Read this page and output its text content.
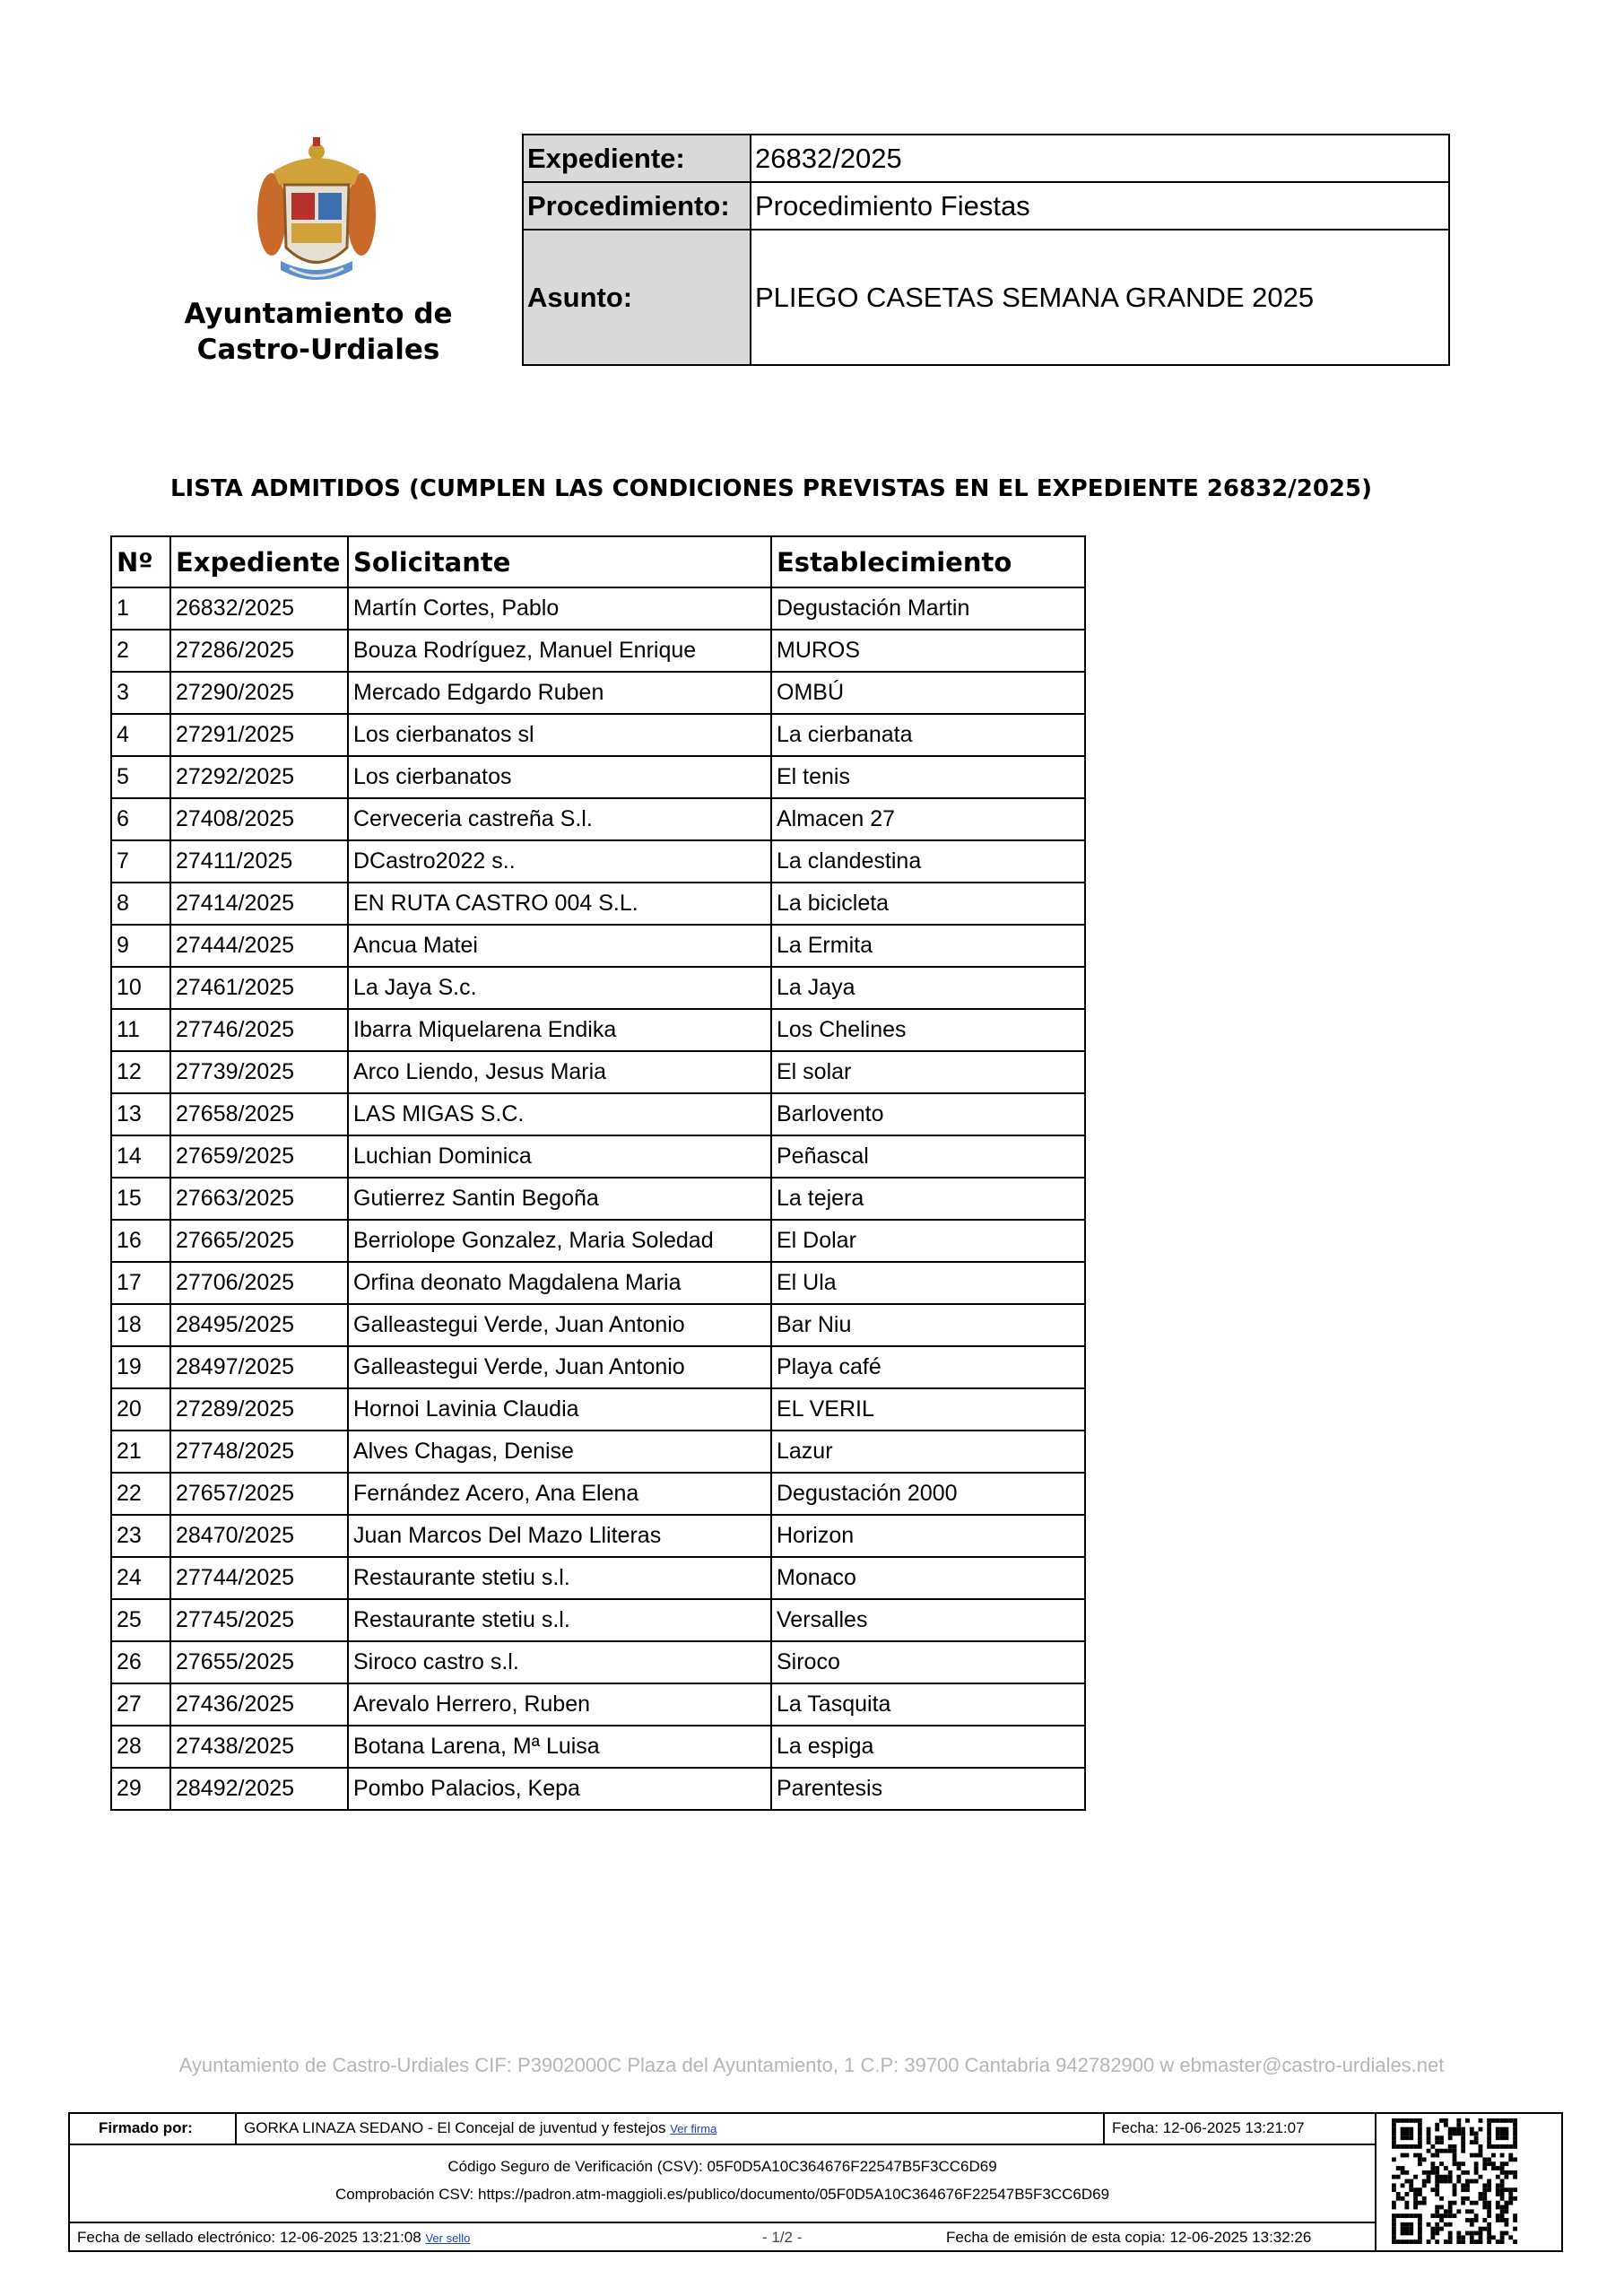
Ayuntamiento de
Castro-Urdiales
Expediente:	26832/2025
Procedimiento:	Procedimiento Fiestas
Asunto:	PLIEGO CASETAS SEMANA GRANDE 2025
LISTA ADMITIDOS (CUMPLEN LAS CONDICIONES PREVISTAS EN EL EXPEDIENTE 26832/2025)
Nº	Expediente	Solicitante	Establecimiento
1	26832/2025	Martín Cortes, Pablo	Degustación Martin
2	27286/2025	Bouza Rodríguez, Manuel Enrique	MUROS
3	27290/2025	Mercado Edgardo Ruben	OMBÚ
4	27291/2025	Los cierbanatos sl	La cierbanata
5	27292/2025	Los cierbanatos	El tenis
6	27408/2025	Cerveceria castreña S.l.	Almacen 27
7	27411/2025	DCastro2022 s..	La clandestina
8	27414/2025	EN RUTA CASTRO 004 S.L.	La bicicleta
9	27444/2025	Ancua Matei	La Ermita
10	27461/2025	La Jaya S.c.	La Jaya
11	27746/2025	Ibarra Miquelarena Endika	Los Chelines
12	27739/2025	Arco Liendo, Jesus Maria	El solar
13	27658/2025	LAS MIGAS S.C.	Barlovento
14	27659/2025	Luchian Dominica	Peñascal
15	27663/2025	Gutierrez Santin Begoña	La tejera
16	27665/2025	Berriolope Gonzalez, Maria Soledad	El Dolar
17	27706/2025	Orfina deonato Magdalena Maria	El Ula
18	28495/2025	Galleastegui Verde, Juan Antonio	Bar Niu
19	28497/2025	Galleastegui Verde, Juan Antonio	Playa café
20	27289/2025	Hornoi Lavinia Claudia	EL VERIL
21	27748/2025	Alves Chagas, Denise	Lazur
22	27657/2025	Fernández Acero, Ana Elena	Degustación 2000
23	28470/2025	Juan Marcos Del Mazo Lliteras	Horizon
24	27744/2025	Restaurante stetiu s.l.	Monaco
25	27745/2025	Restaurante stetiu s.l.	Versalles
26	27655/2025	Siroco castro s.l.	Siroco
27	27436/2025	Arevalo Herrero, Ruben	La Tasquita
28	27438/2025	Botana Larena, Mª Luisa	La espiga
29	28492/2025	Pombo Palacios, Kepa	Parentesis
Ayuntamiento de Castro-Urdiales CIF: P3902000C Plaza del Ayuntamiento, 1 C.P: 39700 Cantabria 942782900 w ebmaster@castro-urdiales.net
Firmado por:	GORKA LINAZA SEDANO - El Concejal de juventud y festejos Ver firma	Fecha: 12-06-2025 13:21:07
Código Seguro de Verificación (CSV): 05F0D5A10C364676F22547B5F3CC6D69
Comprobación CSV: https://padron.atm-maggioli.es/publico/documento/05F0D5A10C364676F22547B5F3CC6D69
Fecha de sellado electrónico: 12-06-2025 13:21:08 Ver sello	- 1/2 -	Fecha de emisión de esta copia: 12-06-2025 13:32:26
